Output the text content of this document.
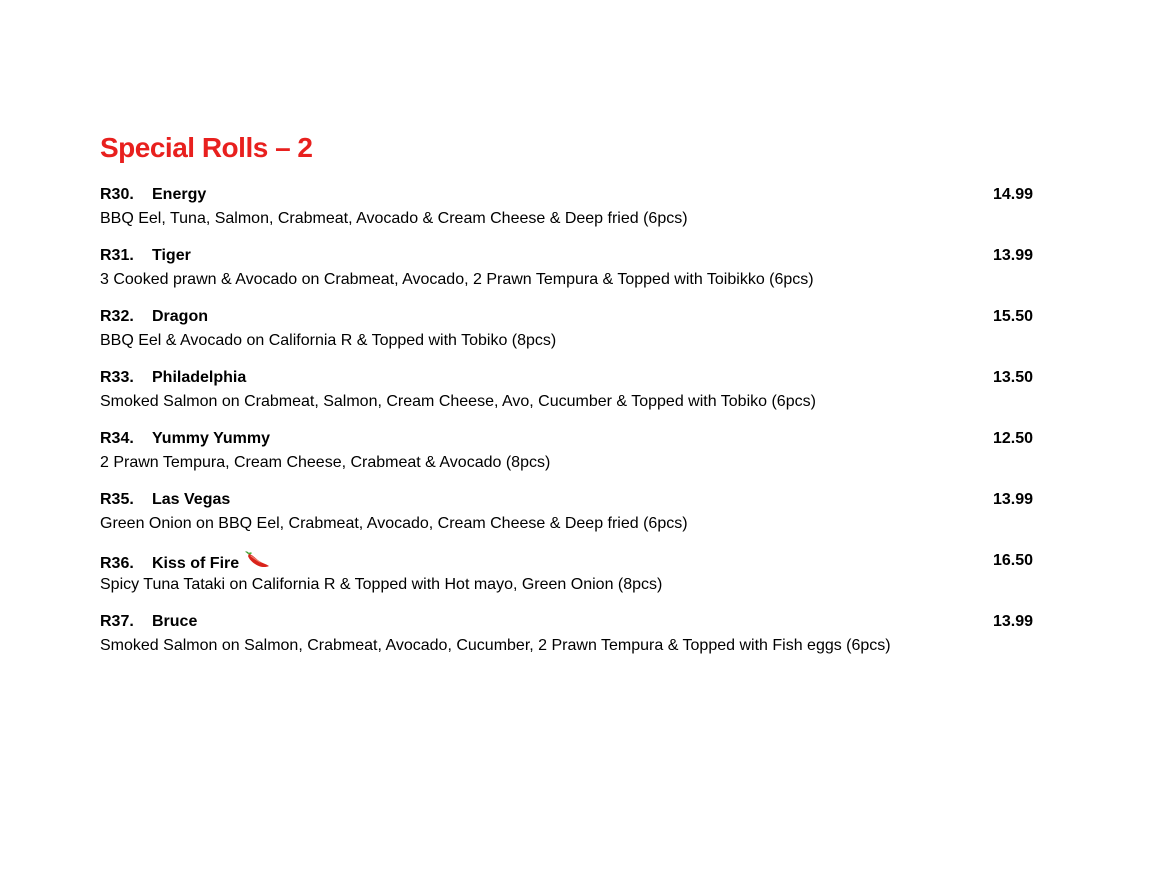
Special Rolls – 2
R30. Energy	14.99
BBQ Eel, Tuna, Salmon, Crabmeat, Avocado & Cream Cheese & Deep fried (6pcs)
R31. Tiger	13.99
3 Cooked prawn & Avocado on Crabmeat, Avocado, 2 Prawn Tempura & Topped with Toibikko (6pcs)
R32. Dragon	15.50
BBQ Eel & Avocado on California R & Topped with Tobiko (8pcs)
R33. Philadelphia	13.50
Smoked Salmon on Crabmeat, Salmon, Cream Cheese, Avo, Cucumber & Topped with Tobiko (6pcs)
R34. Yummy Yummy	12.50
2 Prawn Tempura, Cream Cheese, Crabmeat & Avocado (8pcs)
R35. Las Vegas	13.99
Green Onion on BBQ Eel, Crabmeat, Avocado, Cream Cheese & Deep fried (6pcs)
R36. Kiss of Fire	16.50
Spicy Tuna Tataki on California R & Topped with Hot mayo, Green Onion (8pcs)
R37. Bruce	13.99
Smoked Salmon on Salmon, Crabmeat, Avocado, Cucumber, 2 Prawn Tempura & Topped with Fish eggs (6pcs)
